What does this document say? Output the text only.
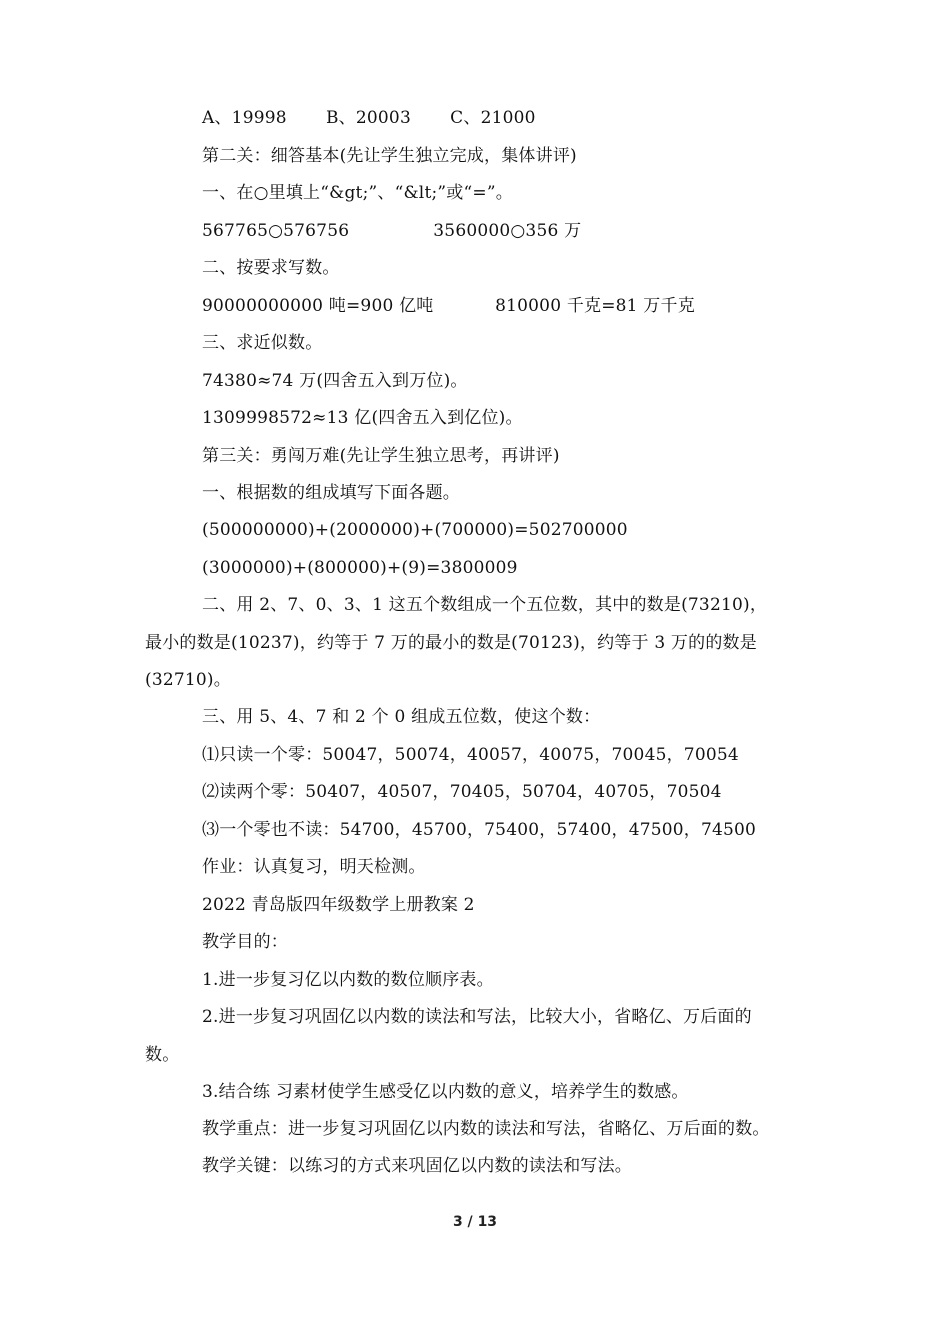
A、19998       B、20003       C、21000
第二关：细答基本(先让学生独立完成，集体讲评)
一、在○里填上“&gt;”、“&lt;”或“=”。
567765○576756               3560000○356 万
二、按要求写数。
90000000000 吨=900 亿吨           810000 千克=81 万千克
三、求近似数。
74380≈74 万(四舍五入到万位)。
1309998572≈13 亿(四舍五入到亿位)。
第三关：勇闯万难(先让学生独立思考，再讲评)
一、根据数的组成填写下面各题。
(500000000)+(2000000)+(700000)=502700000
(3000000)+(800000)+(9)=3800009
二、用 2、7、0、3、1 这五个数组成一个五位数，其中的数是(73210)，
最小的数是(10237)，约等于 7 万的最小的数是(70123)，约等于 3 万的的数是
(32710)。
三、用 5、4、7 和 2 个 0 组成五位数，使这个数：
⑴只读一个零：50047，50074，40057，40075，70045，70054
⑵读两个零：50407，40507，70405，50704，40705，70504
⑶一个零也不读：54700，45700，75400，57400，47500，74500
作业：认真复习，明天检测。
2022 青岛版四年级数学上册教案 2
教学目的：
1.进一步复习亿以内数的数位顺序表。
2.进一步复习巩固亿以内数的读法和写法，比较大小，省略亿、万后面的
数。
3.结合练 习素材使学生感受亿以内数的意义，培养学生的数感。
教学重点：进一步复习巩固亿以内数的读法和写法，省略亿、万后面的数。
教学关键：以练习的方式来巩固亿以内数的读法和写法。
3 / 13
